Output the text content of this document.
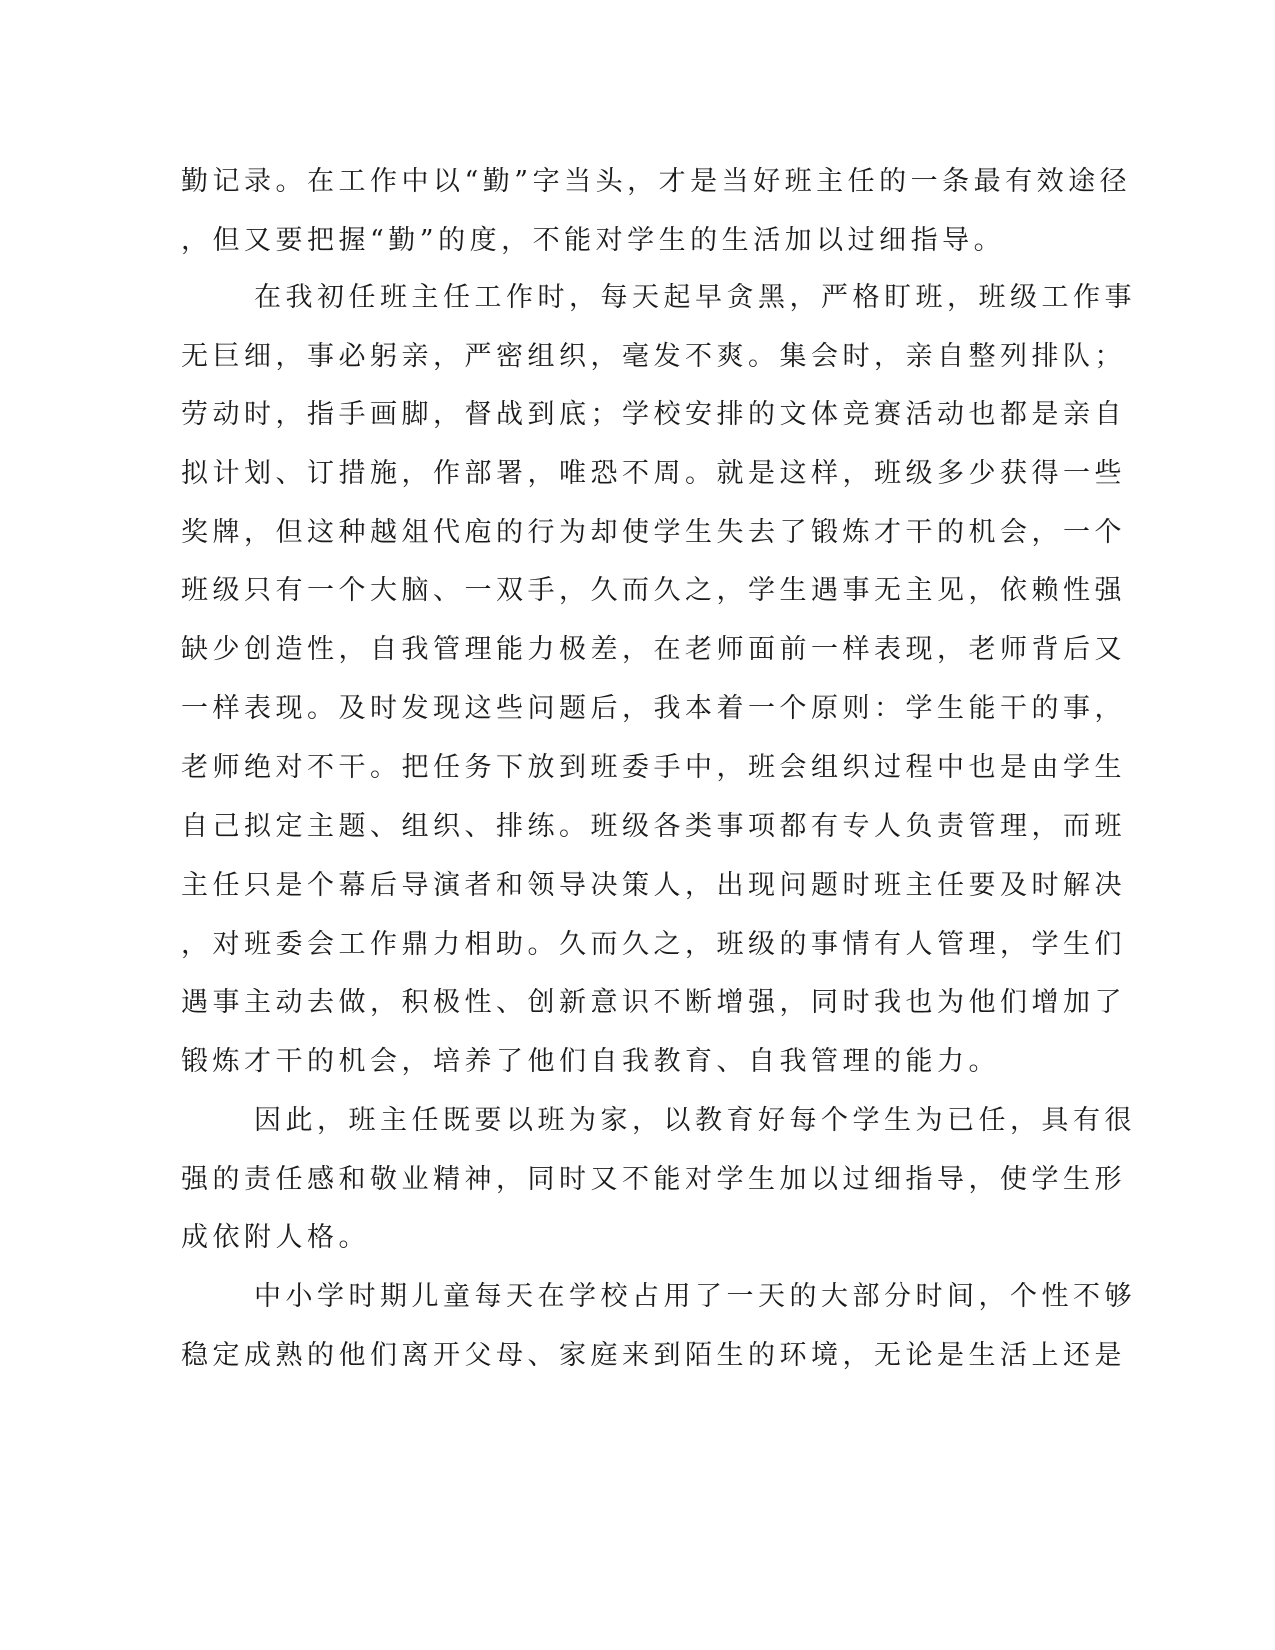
勤记录。在工作中以“勤”字当头，才是当好班主任的一条最有效途径
，但又要把握“勤”的度，不能对学生的生活加以过细指导。
在我初任班主任工作时，每天起早贪黑，严格盯班，班级工作事
无巨细，事必躬亲，严密组织，毫发不爽。集会时，亲自整列排队；
劳动时，指手画脚，督战到底；学校安排的文体竞赛活动也都是亲自
拟计划、订措施，作部署，唯恐不周。就是这样，班级多少获得一些
奖牌，但这种越俎代庖的行为却使学生失去了锻炼才干的机会，一个
班级只有一个大脑、一双手，久而久之，学生遇事无主见，依赖性强
缺少创造性，自我管理能力极差，在老师面前一样表现，老师背后又
一样表现。及时发现这些问题后，我本着一个原则：学生能干的事，
老师绝对不干。把任务下放到班委手中，班会组织过程中也是由学生
自己拟定主题、组织、排练。班级各类事项都有专人负责管理，而班
主任只是个幕后导演者和领导决策人，出现问题时班主任要及时解决
，对班委会工作鼎力相助。久而久之，班级的事情有人管理，学生们
遇事主动去做，积极性、创新意识不断增强，同时我也为他们增加了
锻炼才干的机会，培养了他们自我教育、自我管理的能力。
因此，班主任既要以班为家，以教育好每个学生为已任，具有很
强的责任感和敬业精神，同时又不能对学生加以过细指导，使学生形
成依附人格。
中小学时期儿童每天在学校占用了一天的大部分时间，个性不够
稳定成熟的他们离开父母、家庭来到陌生的环境，无论是生活上还是
